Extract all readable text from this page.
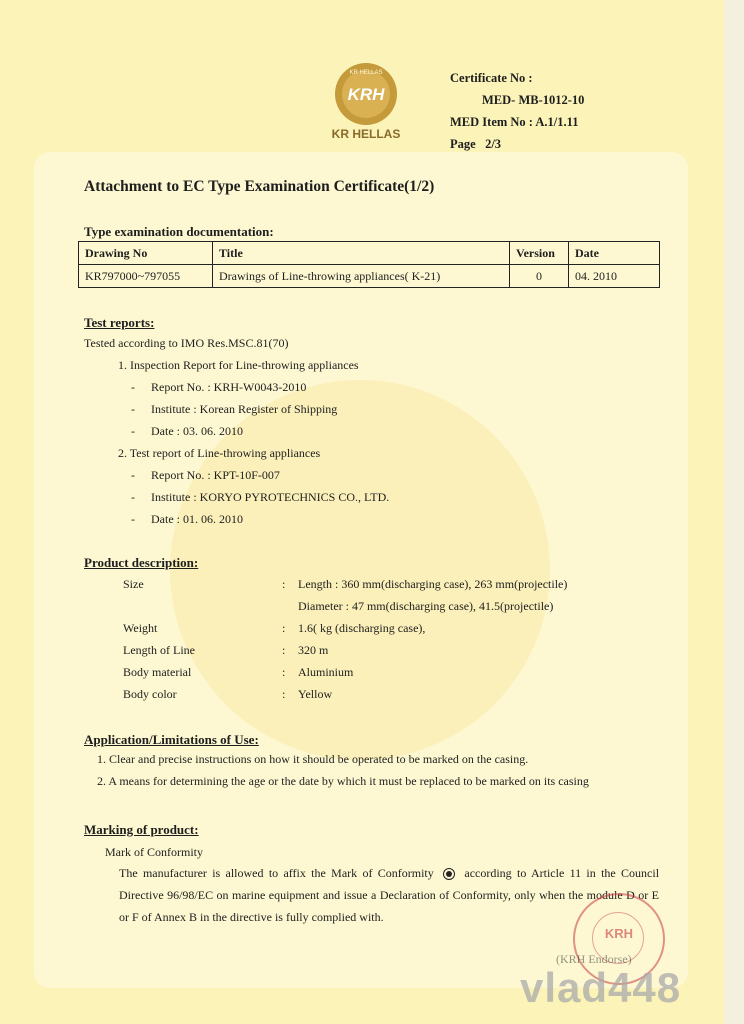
KRH
KR HELLAS
KR HELLAS
Certificate No :
MED- MB-1012-10
MED Item No : A.1/1.11
Page 2/3
Attachment to EC Type Examination Certificate(1/2)
Type examination documentation:
Drawing No	Title	Version	Date
KR797000~797055	Drawings of Line-throwing appliances( K-21)	0	04. 2010
Test reports:
Tested according to IMO Res.MSC.81(70)
1. Inspection Report for Line-throwing appliances
- Report No. : KRH-W0043-2010
- Institute : Korean Register of Shipping
- Date : 03. 06. 2010
2. Test report of Line-throwing appliances
- Report No. : KPT-10F-007
- Institute : KORYO PYROTECHNICS CO., LTD.
- Date : 01. 06. 2010
Product description:
Size	: Length : 360 mm(discharging case), 263 mm(projectile)
Diameter : 47 mm(discharging case), 41.5(projectile)
Weight	: 1.6( kg (discharging case),
Length of Line	: 320 m
Body material	: Aluminium
Body color	: Yellow
Application/Limitations of Use:
1. Clear and precise instructions on how it should be operated to be marked on the casing.
2. A means for determining the age or the date by which it must be replaced to be marked on its casing
Marking of product:
Mark of Conformity
The manufacturer is allowed to affix the Mark of Conformity	according to Article 11 in the Council Directive 96/98/EC on marine equipment and issue a Declaration of Conformity, only when the module D or E or F of Annex B in the directive is fully complied with.
KRH
(KRH Endorse)
vlad448
